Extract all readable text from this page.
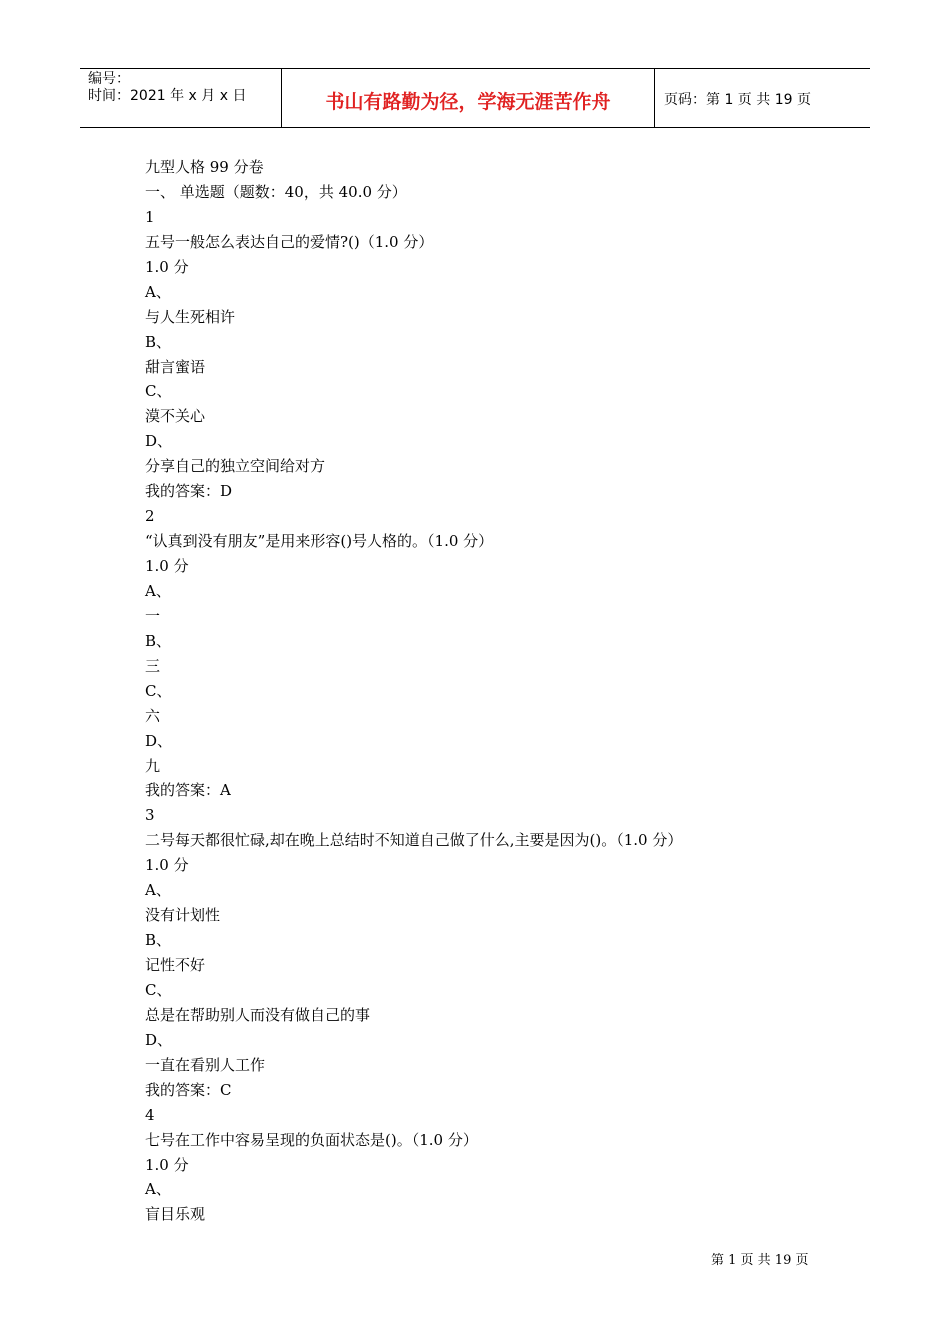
编号：
时间：2021 年 x 月 x 日	书山有路勤为径，学海无涯苦作舟	页码：第 1 页 共 19 页
九型人格 99 分卷
一、 单选题（题数：40，共 40.0 分）
1
五号一般怎么表达自己的爱情?()（1.0 分）
1.0 分
A、
与人生死相许
B、
甜言蜜语
C、
漠不关心
D、
分享自己的独立空间给对方
我的答案：D
2
“认真到没有朋友”是用来形容()号人格的。（1.0 分）
1.0 分
A、
一
B、
三
C、
六
D、
九
我的答案：A
3
二号每天都很忙碌,却在晚上总结时不知道自己做了什么,主要是因为()。（1.0 分）
1.0 分
A、
没有计划性
B、
记性不好
C、
总是在帮助别人而没有做自己的事
D、
一直在看别人工作
我的答案：C
4
七号在工作中容易呈现的负面状态是()。（1.0 分）
1.0 分
A、
盲目乐观
第 1 页 共 19 页
